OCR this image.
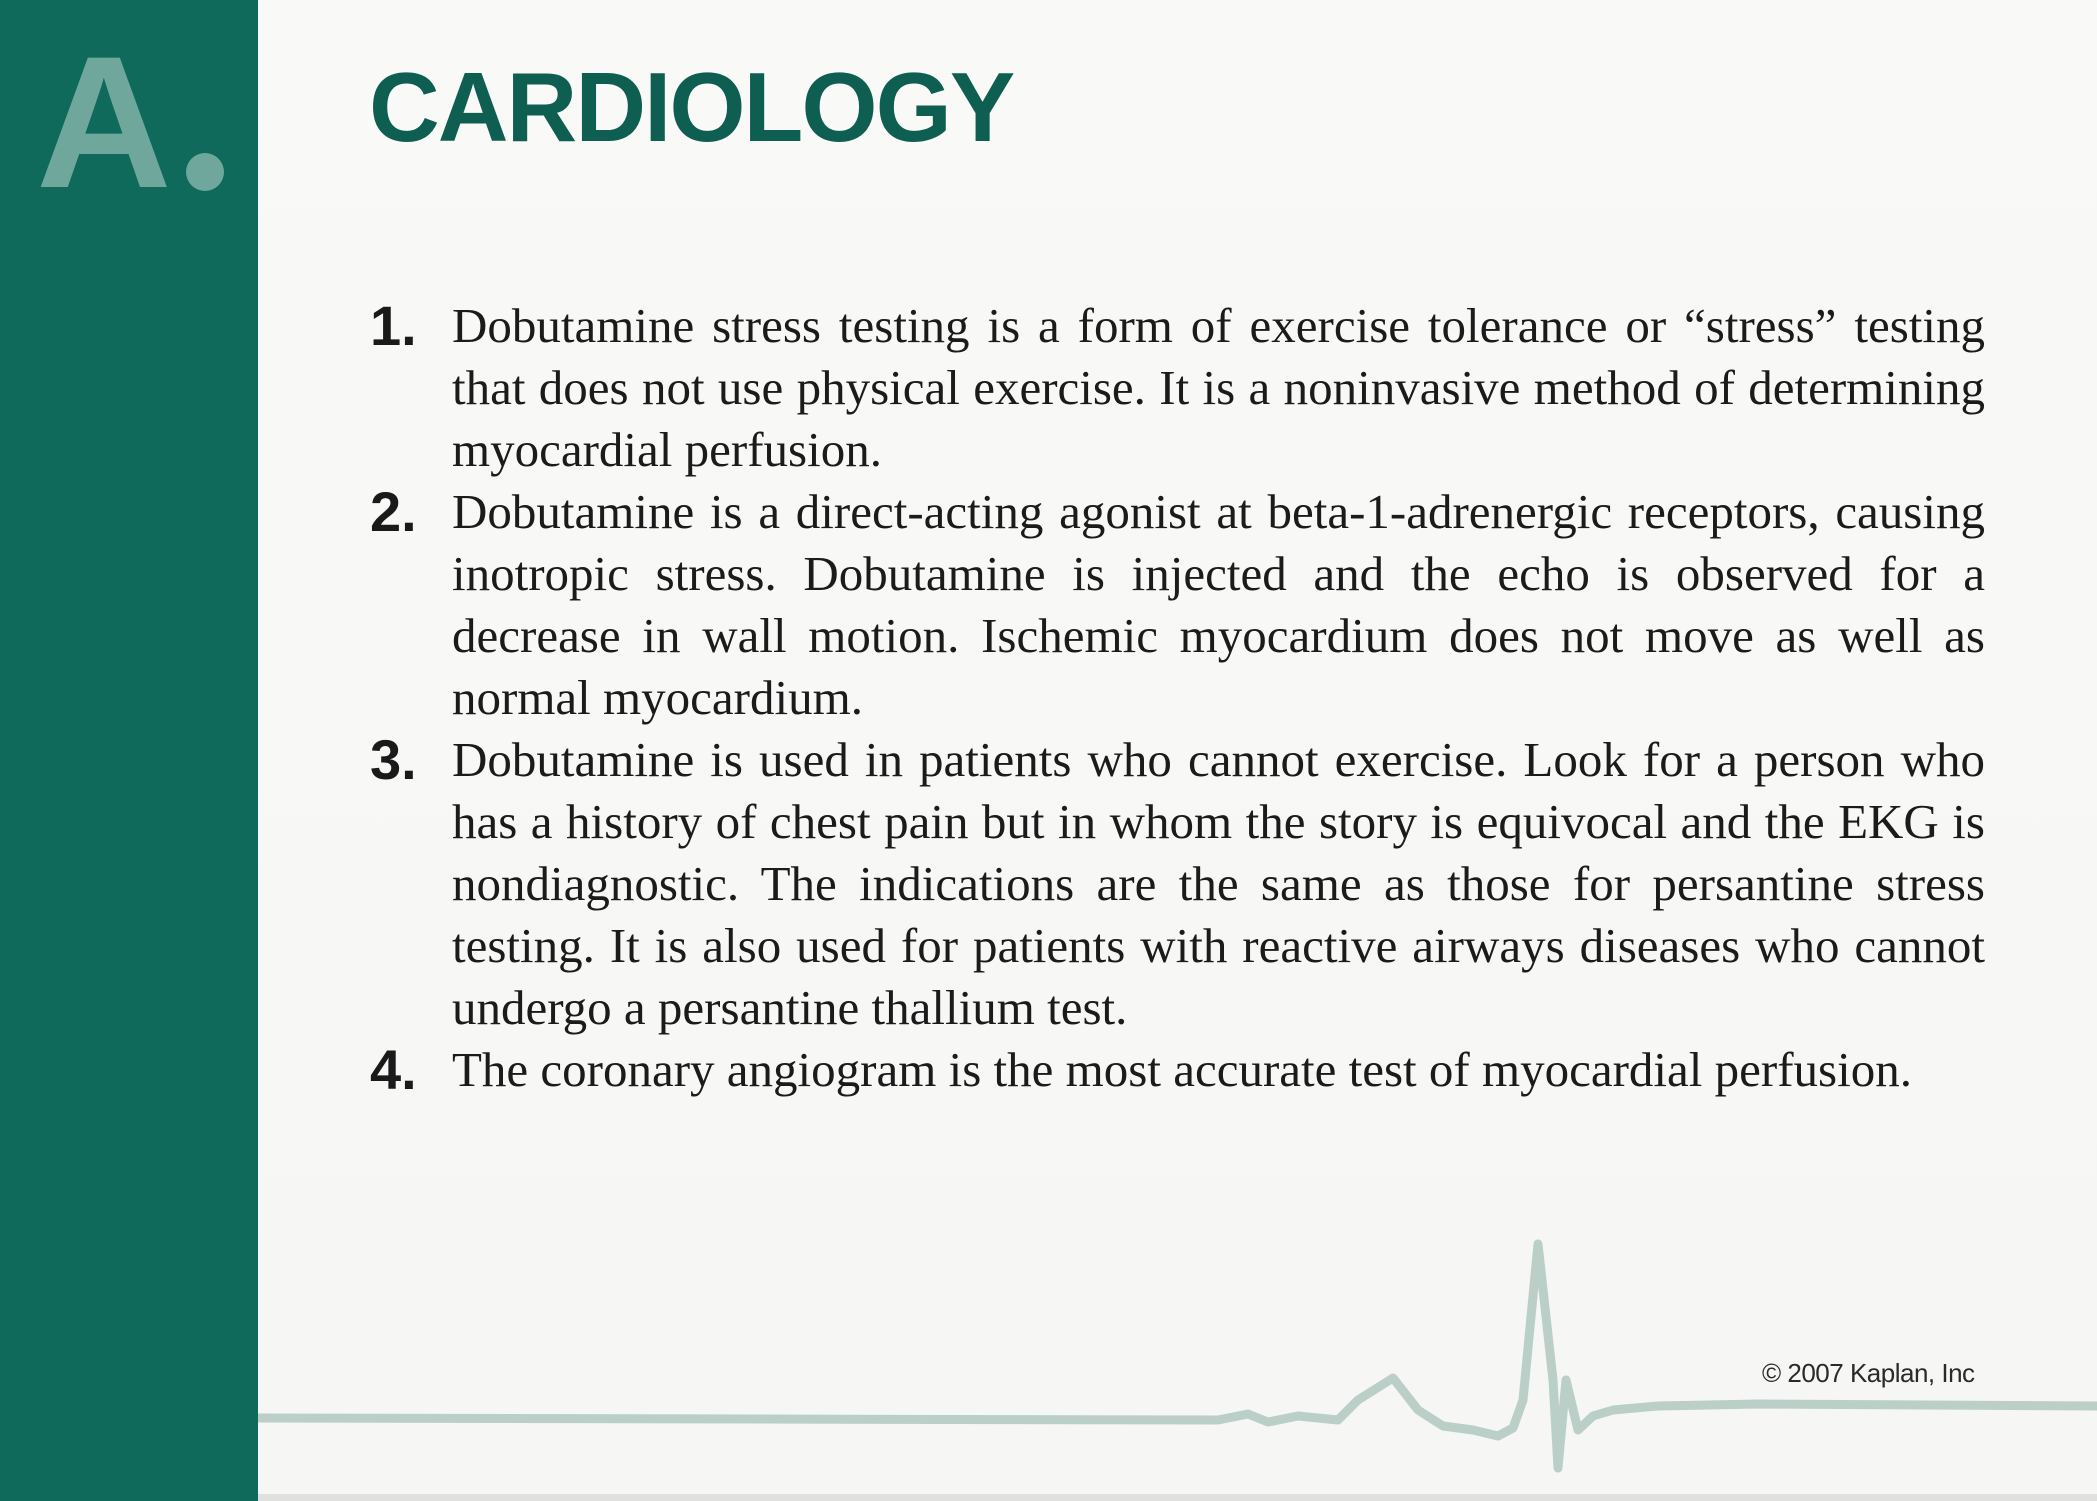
A CARDIOLOGY
1. Dobutamine stress testing is a form of exercise tolerance or “stress” testing that does not use physical exercise. It is a noninvasive method of determining myocardial perfusion.
2. Dobutamine is a direct-acting agonist at beta-1-adrenergic receptors, causing inotropic stress. Dobutamine is injected and the echo is observed for a decrease in wall motion. Ischemic myocardium does not move as well as normal myocardium.
3. Dobutamine is used in patients who cannot exercise. Look for a person who has a history of chest pain but in whom the story is equivocal and the EKG is nondiagnostic. The indications are the same as those for persantine stress testing. It is also used for patients with reactive airways diseases who cannot undergo a persantine thallium test.
4. The coronary angiogram is the most accurate test of myocardial perfusion.
© 2007 Kaplan, Inc
